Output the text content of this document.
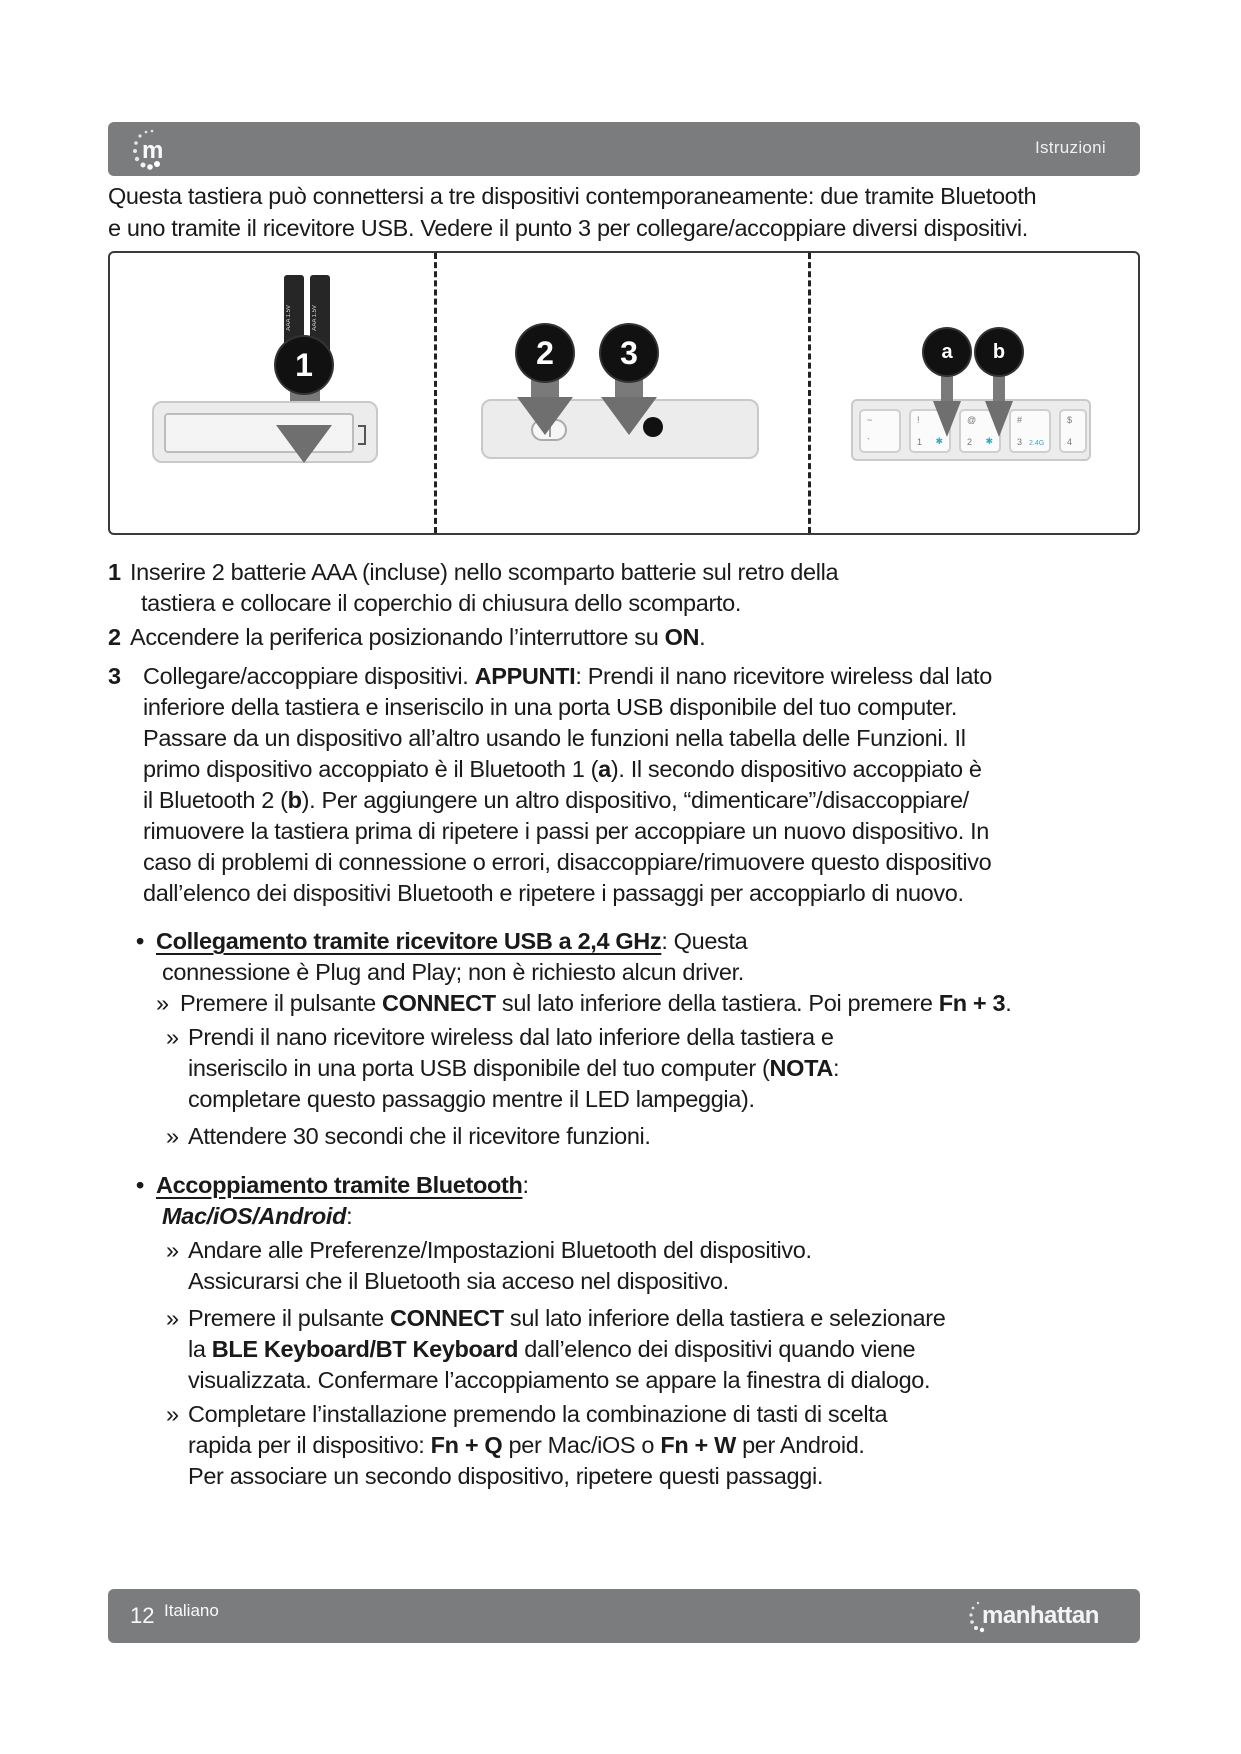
m	Istruzioni
Questa tastiera può connettersi a tre dispositivi contemporaneamente: due tramite Bluetooth
e uno tramite il ricevitore USB. Vedere il punto 3 per collegare/accoppiare diversi dispositivi.
AAA 1.5V	AAA 1.5V
1	2	3
~
`
!
1 ✱
@
2 ✱
#
3 2.4G
$
4
a	b
1 Inserire 2 batterie AAA (incluse) nello scomparto batterie sul retro della
tastiera e collocare il coperchio di chiusura dello scomparto.
2 Accendere la periferica posizionando l’interruttore su ON.
3 Collegare/accoppiare dispositivi. APPUNTI: Prendi il nano ricevitore wireless dal lato
inferiore della tastiera e inseriscilo in una porta USB disponibile del tuo computer.
Passare da un dispositivo all’altro usando le funzioni nella tabella delle Funzioni. Il
primo dispositivo accoppiato è il Bluetooth 1 (a). Il secondo dispositivo accoppiato è
il Bluetooth 2 (b). Per aggiungere un altro dispositivo, “dimenticare”/disaccoppiare/
rimuovere la tastiera prima di ripetere i passi per accoppiare un nuovo dispositivo. In
caso di problemi di connessione o errori, disaccoppiare/rimuovere questo dispositivo
dall’elenco dei dispositivi Bluetooth e ripetere i passaggi per accoppiarlo di nuovo.
• Collegamento tramite ricevitore USB a 2,4 GHz: Questa
connessione è Plug and Play; non è richiesto alcun driver.
» Premere il pulsante CONNECT sul lato inferiore della tastiera. Poi premere Fn + 3.
» Prendi il nano ricevitore wireless dal lato inferiore della tastiera e
inseriscilo in una porta USB disponibile del tuo computer (NOTA:
completare questo passaggio mentre il LED lampeggia).
» Attendere 30 secondi che il ricevitore funzioni.
• Accoppiamento tramite Bluetooth:
Mac/iOS/Android:
» Andare alle Preferenze/Impostazioni Bluetooth del dispositivo.
Assicurarsi che il Bluetooth sia acceso nel dispositivo.
» Premere il pulsante CONNECT sul lato inferiore della tastiera e selezionare
la BLE Keyboard/BT Keyboard dall’elenco dei dispositivi quando viene
visualizzata. Confermare l’accoppiamento se appare la finestra di dialogo.
» Completare l’installazione premendo la combinazione di tasti di scelta
rapida per il dispositivo: Fn + Q per Mac/iOS o Fn + W per Android.
Per associare un secondo dispositivo, ripetere questi passaggi.
12 Italiano	manhattan
